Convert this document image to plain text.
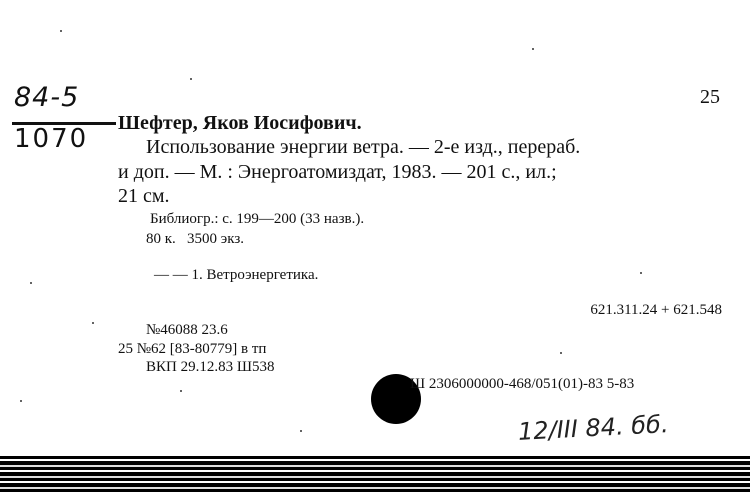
84-5
1070
25
Шефтер, Яков Иосифович.
Использование энергии ветра. — 2-е изд., перераб.
и доп. — М. : Энергоатомиздат, 1983. — 201 с., ил.;
21 см.
Библиогр.: с. 199—200 (33 назв.).
80 к.   3500 экз.
— — 1. Ветроэнергетика.
621.311.24 + 621.548
№46088 23.6
25 №62 [83-80779] в тп
ВКП 29.12.83 Ш538
Ш 2306000000-468/051(01)-83 5-83
12/III 84. бб.
